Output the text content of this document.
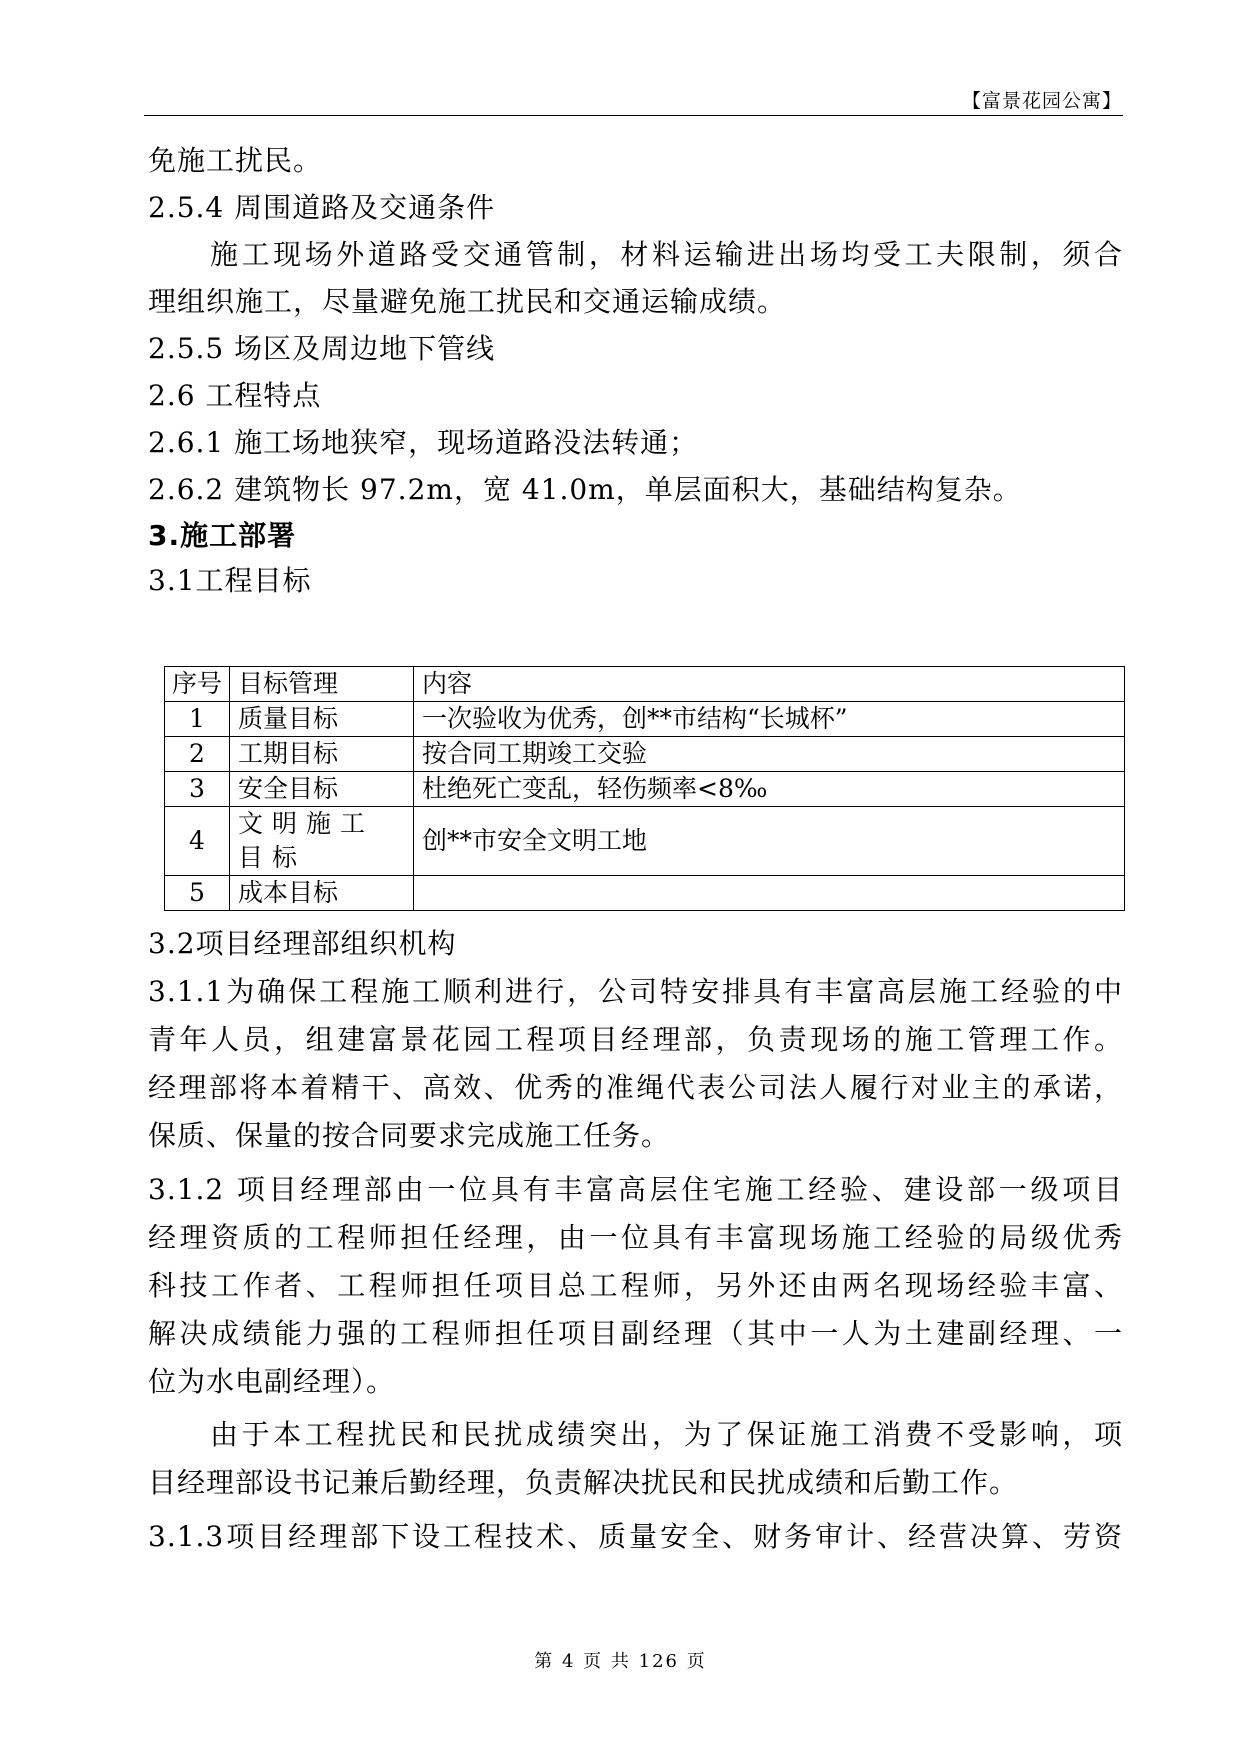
【富景花园公寓】
免施工扰民。
2.5.4 周围道路及交通条件
施工现场外道路受交通管制，材料运输进出场均受工夫限制，须合
理组织施工，尽量避免施工扰民和交通运输成绩。
2.5.5 场区及周边地下管线
2.6 工程特点
2.6.1 施工场地狭窄，现场道路没法转通；
2.6.2 建筑物长 97.2m，宽 41.0m，单层面积大，基础结构复杂。
3.施工部署
3.1工程目标
序号	目标管理	内容
1	质量目标	一次验收为优秀，创**市结构“长城杯”
2	工期目标	按合同工期竣工交验
3	安全目标	杜绝死亡变乱，轻伤频率<8‰
4	文明施工目标	创**市安全文明工地
5	成本目标	
3.2项目经理部组织机构
3.1.1为确保工程施工顺利进行，公司特安排具有丰富高层施工经验的中
青年人员，组建富景花园工程项目经理部，负责现场的施工管理工作。
经理部将本着精干、高效、优秀的准绳代表公司法人履行对业主的承诺，
保质、保量的按合同要求完成施工任务。
3.1.2 项目经理部由一位具有丰富高层住宅施工经验、建设部一级项目
经理资质的工程师担任经理，由一位具有丰富现场施工经验的局级优秀
科技工作者、工程师担任项目总工程师，另外还由两名现场经验丰富、
解决成绩能力强的工程师担任项目副经理（其中一人为土建副经理、一
位为水电副经理）。
由于本工程扰民和民扰成绩突出，为了保证施工消费不受影响，项
目经理部设书记兼后勤经理，负责解决扰民和民扰成绩和后勤工作。
3.1.3项目经理部下设工程技术、质量安全、财务审计、经营决算、劳资
第 4 页 共 126 页
